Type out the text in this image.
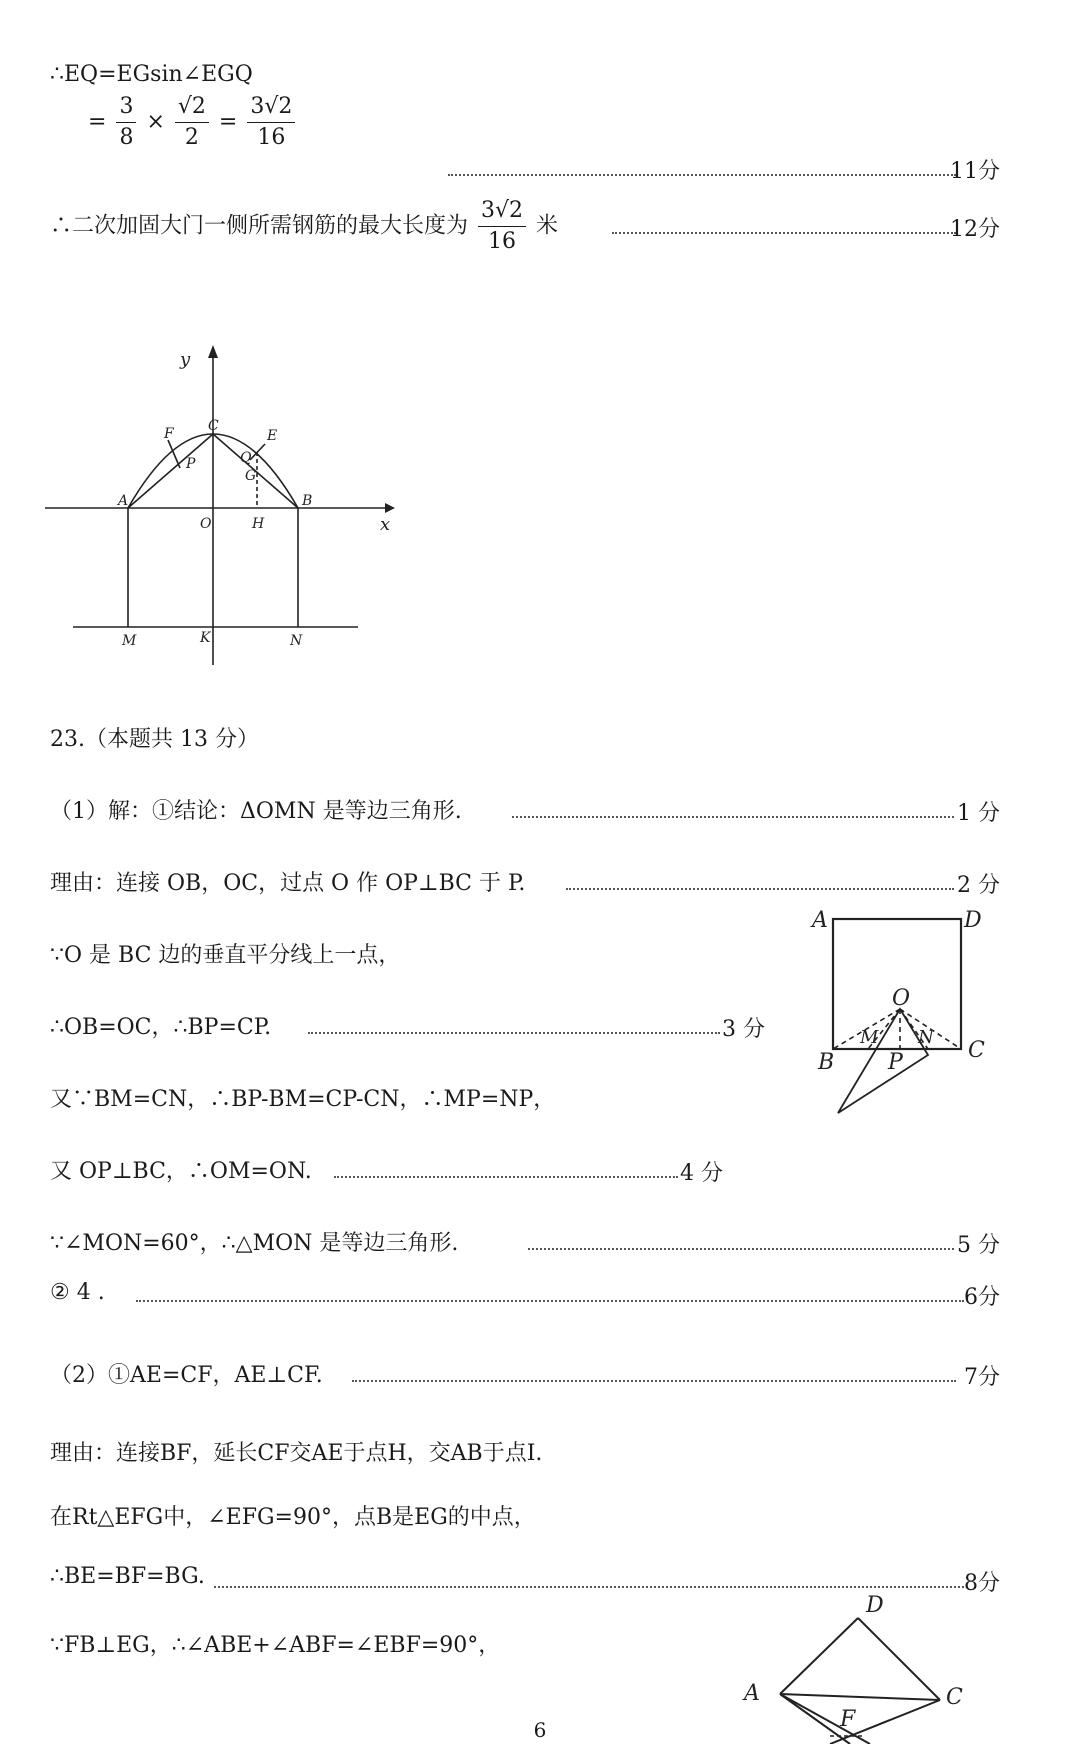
∴EQ=EGsin∠EGQ
= $\frac{3}{8} \times \frac{√2}{2} = \frac{3√2}{16}$
11分
∴二次加固大门一侧所需钢筋的最大长度为 $\frac{3√2}{16}$ 米	12分
y
x
C
F	E
P	Q
G
A
O	H
B
M	K	N
23.（本题共 13 分）
（1）解：①结论：ΔOMN 是等边三角形.	1 分
理由：连接 OB，OC，过点 O 作 OP⊥BC 于 P.	2 分
∵O 是 BC 边的垂直平分线上一点，
∴OB=OC，∴BP=CP.	3 分
又∵BM=CN，∴BP-BM=CP-CN，∴MP=NP，
又 OP⊥BC，∴OM=ON.	4 分
∵∠MON=60°，∴△MON 是等边三角形.	5 分
② 4 .	6分
（2）①AE=CF，AE⊥CF.	7分
理由：连接BF，延长CF交AE于点H，交AB于点I.
在Rt△EFG中，∠EFG=90°，点B是EG的中点，
∴BE=BF=BG.	8分
∵FB⊥EG，∴∠ABE+∠ABF=∠EBF=90°，
A	D
O
M N
B P	C
D
A
F
C
6
